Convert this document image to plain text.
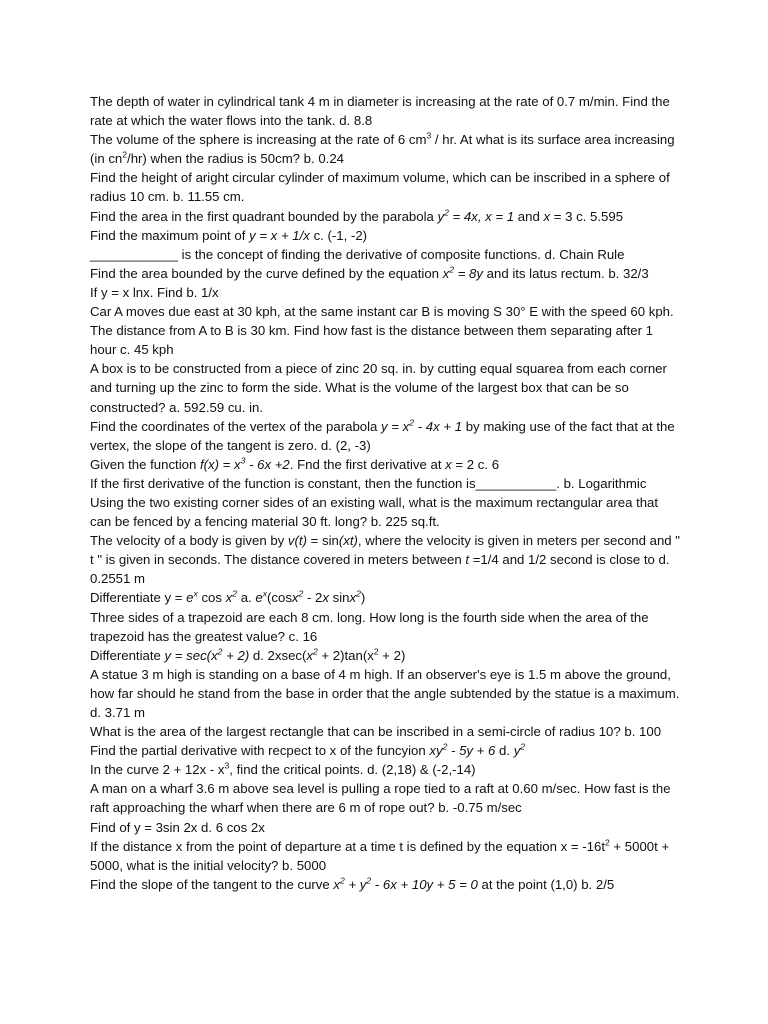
The depth of water in cylindrical tank 4 m in diameter is increasing at the rate of 0.7 m/min. Find the rate at which the water flows into the tank. d. 8.8

The volume of the sphere is increasing at the rate of 6 $cm^3$ / hr. At what is its surface area increasing (in $cn^2/hr$) when the radius is 50cm? b. 0.24

Find the height of aright circular cylinder of maximum volume, which can be inscribed in a sphere of radius 10 cm. b. 11.55 cm.

Find the area in the first quadrant bounded by the parabola $y^2 = 4x$, x = 1 and x = 3 c. 5.595

Find the maximum point of y = x + 1/x c. (-1, -2)

____________ is the concept of finding the derivative of composite functions. d. Chain Rule

Find the area bounded by the curve defined by the equation $x^2 = 8y$ and its latus rectum. b. 32/3

If y = x lnx. Find b. 1/x

Car A moves due east at 30 kph, at the same instant car B is moving S 30° E with the speed 60 kph. The distance from A to B is 30 km. Find how fast is the distance between them separating after 1 hour c. 45 kph

A box is to be constructed from a piece of zinc 20 sq. in. by cutting equal squarea from each corner and turning up the zinc to form the side. What is the volume of the largest box that can be so constructed? a. 592.59 cu. in.

Find the coordinates of the vertex of the parabola $y = x^2 - 4x + 1$ by making use of the fact that at the vertex, the slope of the tangent is zero. d. (2, -3)

Given the function $f(x) = x^3 - 6x +2$. Fnd the first derivative at x = 2 c. 6

If the first derivative of the function is constant, then the function is___________. b. Logarithmic

Using the two existing corner sides of an existing wall, what is the maximum rectangular area that can be fenced by a fencing material 30 ft. long? b. 225 sq.ft.

The velocity of a body is given by v(t) = sin(xt), where the velocity is given in meters per second and " t " is given in seconds. The distance covered in meters between t =1/4 and 1/2 second is close to d. 0.2551 m

Differentiate $y = e^x$ $\cos x^2$ a. $e^x(\cos x^2 - 2x$ sinx$^2$)

Three sides of a trapezoid are each 8 cm. long. How long is the fourth side when the area of the trapezoid has the greatest value? c. 16

Differentiate $y = \sec(x^2 + 2)$ d. $2xsec(x^2 + 2)\tan(x^2 + 2)$

A statue 3 m high is standing on a base of 4 m high. If an observer's eye is 1.5 m above the ground, how far should he stand from the base in order that the angle subtended by the statue is a maximum. d. 3.71 m

What is the area of the largest rectangle that can be inscribed in a semi-circle of radius 10? b. 100

Find the partial derivative with recpect to x of the funcyion $xy^2 - 5y + 6$ d. $y^2$

In the curve $2 + 12x - x^3$, find the critical points. d. (2,18) & (-2,-14)

A man on a wharf 3.6 m above sea level is pulling a rope tied to a raft at 0.60 m/sec. How fast is the raft approaching the wharf when there are 6 m of rope out? b. -0.75 m/sec

Find of y = 3sin 2x d. 6 cos 2x

If the distance x from the point of departure at a time t is defined by the equation $x = -16t^2 + 5000t + 5000$, what is the initial velocity? b. 5000

Find the slope of the tangent to the curve $x^2 + y^2 - 6x + 10y + 5 = 0$ at the point (1,0) b. 2/5
